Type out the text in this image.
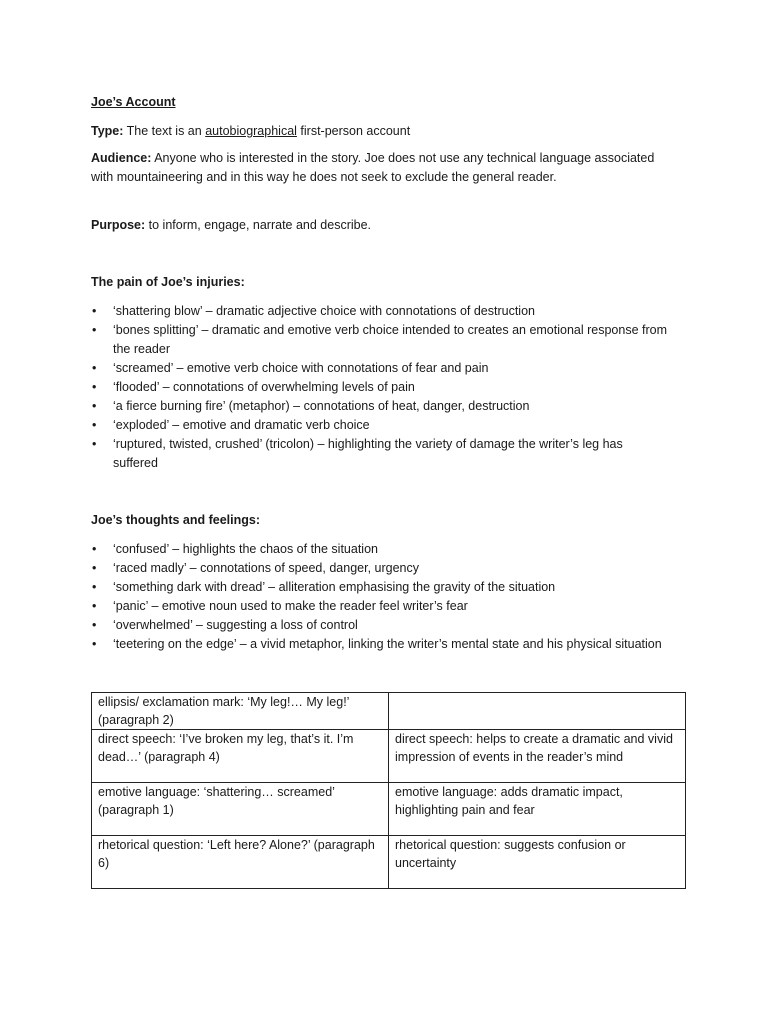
Joe’s Account

Type: The text is an autobiographical first-person account

Audience: Anyone who is interested in the story. Joe does not use any technical language associated with mountaineering and in this way he does not seek to exclude the general reader.

Purpose: to inform, engage, narrate and describe.

The pain of Joe’s injuries:

• ‘shattering blow’ – dramatic adjective choice with connotations of destruction
• ‘bones splitting’ – dramatic and emotive verb choice intended to creates an emotional response from the reader
• ‘screamed’ – emotive verb choice with connotations of fear and pain
• ‘flooded’ – connotations of overwhelming levels of pain
• ‘a fierce burning fire’ (metaphor) – connotations of heat, danger, destruction
• ‘exploded’ – emotive and dramatic verb choice
• ‘ruptured, twisted, crushed’ (tricolon) – highlighting the variety of damage the writer’s leg has suffered

Joe’s thoughts and feelings:

• ‘confused’ – highlights the chaos of the situation
• ‘raced madly’ – connotations of speed, danger, urgency
• ‘something dark with dread’ – alliteration emphasising the gravity of the situation
• ‘panic’ – emotive noun used to make the reader feel writer’s fear
• ‘overwhelmed’ – suggesting a loss of control
• ‘teetering on the edge’ – a vivid metaphor, linking the writer’s mental state and his physical situation
ellipsis/ exclamation mark: ‘My leg!… My leg!’ (paragraph 2)	
direct speech: ‘I’ve broken my leg, that’s it. I’m dead…’ (paragraph 4)	direct speech: helps to create a dramatic and vivid impression of events in the reader’s mind
emotive language: ‘shattering… screamed’ (paragraph 1)	emotive language: adds dramatic impact, highlighting pain and fear
rhetorical question: ‘Left here? Alone?’ (paragraph 6)	rhetorical question: suggests confusion or uncertainty
